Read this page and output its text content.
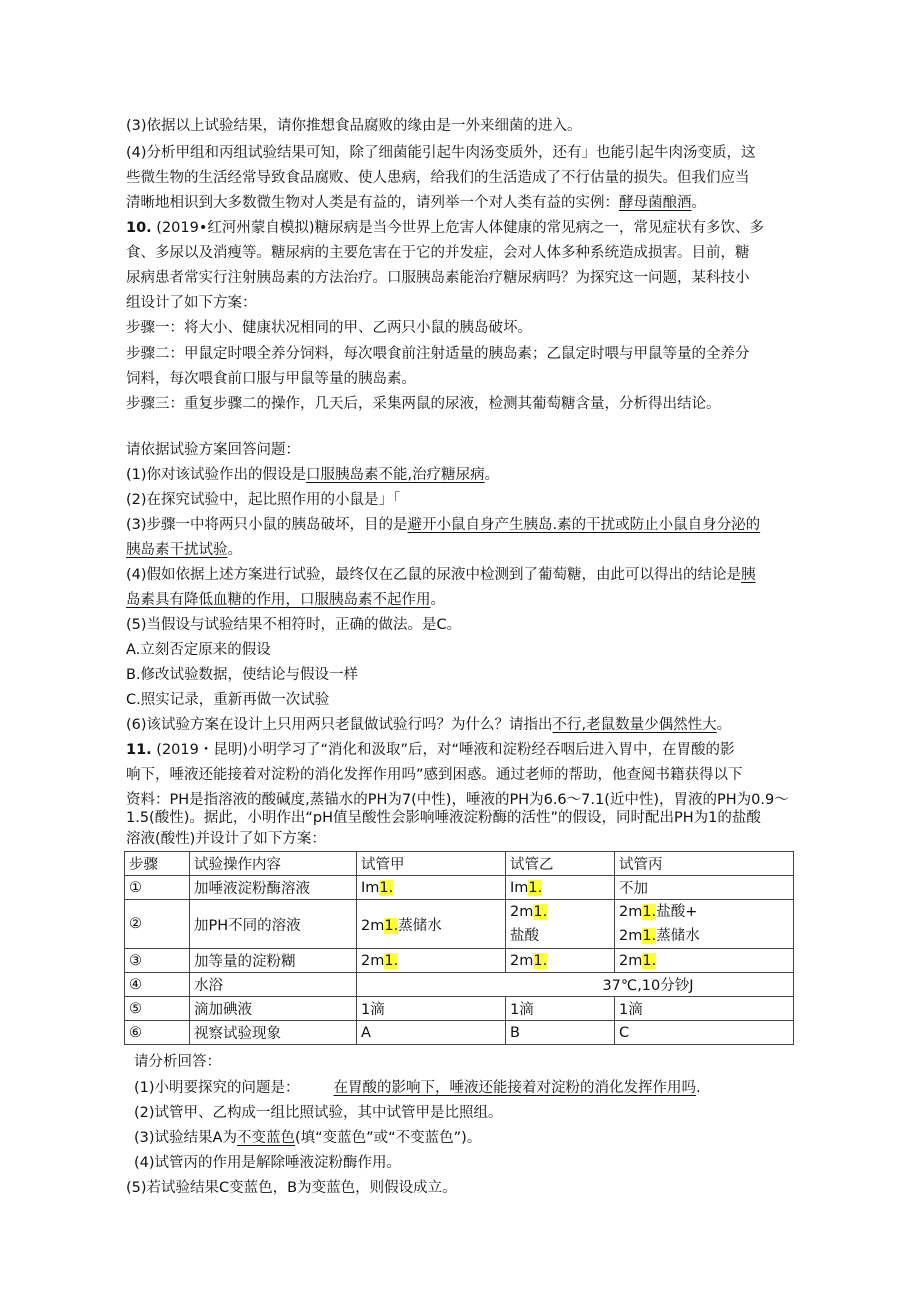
(3)依据以上试验结果，请你推想食品腐败的缘由是一外来细菌的进入。
(4)分析甲组和丙组试验结果可知，除了细菌能引起牛肉汤变质外，还有」也能引起牛肉汤变质，这
些微生物的生活经常导致食品腐败、使人患病，给我们的生活造成了不行估量的损失。但我们应当
清晰地相识到大多数微生物对人类是有益的，请列举一个对人类有益的实例：酵母菌酿酒。
10. (2019•红河州蒙自模拟)糖尿病是当今世界上危害人体健康的常见病之一，常见症状有多饮、多
食、多尿以及消瘦等。糖尿病的主要危害在于它的并发症，会对人体多种系统造成损害。目前，糖
尿病患者常实行注射胰岛素的方法治疗。口服胰岛素能治疗糖尿病吗？为探究这一问题，某科技小
组设计了如下方案：
步骤一：将大小、健康状况相同的甲、乙两只小鼠的胰岛破坏。
步骤二：甲鼠定时喂全养分饲料，每次喂食前注射适量的胰岛素；乙鼠定时喂与甲鼠等量的全养分
饲料，每次喂食前口服与甲鼠等量的胰岛素。
步骤三：重复步骤二的操作，几天后，采集两鼠的尿液，检测其葡萄糖含量，分析得出结论。
请依据试验方案回答问题：
(1)你对该试验作出的假设是口服胰岛素不能,治疗糖尿病。
(2)在探究试验中，起比照作用的小鼠是」「
(3)步骤一中将两只小鼠的胰岛破坏，目的是避开小鼠自身产生胰岛.素的干扰或防止小鼠自身分泌的
胰岛素干扰试验。
(4)假如依据上述方案进行试验，最终仅在乙鼠的尿液中检测到了葡萄糖，由此可以得出的结论是胰
岛素具有降低血糖的作用，口服胰岛素不起作用。
(5)当假设与试验结果不相符时，正确的做法。是C。
A.立刻否定原来的假设
B.修改试验数据，使结论与假设一样
C.照实记录，重新再做一次试验
(6)该试验方案在设计上只用两只老鼠做试验行吗？为什么？请指出不行,老鼠数量少偶然性大。
11. (2019・昆明)小明学习了“消化和汲取”后，对“唾液和淀粉经吞咽后进入胃中，在胃酸的影
响下，唾液还能接着对淀粉的消化发挥作用吗”感到困惑。通过老师的帮助，他查阅书籍获得以下
资料：PH是指溶液的酸碱度,蒸锚水的PH为7(中性)，唾液的PH为6.6～7.1(近中性)，胃液的PH为0.9～
1.5(酸性)。据此，小明作出“pH值呈酸性会影响唾液淀粉酶的活性”的假设，同时配出PH为1的盐酸
溶液(酸性)并设计了如下方案：
步骤	试验操作内容	试管甲	试管乙	试管丙
①	加唾液淀粉酶溶液	Im1.	Im1.	不加
②	加PH不同的溶液	2m1.蒸储水	2m1.
盐酸	2m1.盐酸+
2m1.蒸储水
③	加等量的淀粉糊	2m1.	2m1.	2m1.
④	水浴	37℃,10分钞J		
⑤	滴加碘液	1滴	1滴	1滴
⑥	视察试验现象	A	B	C
请分析回答：
(1)小明要探究的问题是： 在胃酸的影响下，唾液还能接着对淀粉的消化发挥作用吗.
(2)试管甲、乙构成一组比照试验，其中试管甲是比照组。
(3)试验结果A为不变蓝色(填“变蓝色”或“不变蓝色”)。
(4)试管丙的作用是解除唾液淀粉酶作用。
(5)若试验结果C变蓝色，B为变蓝色，则假设成立。
